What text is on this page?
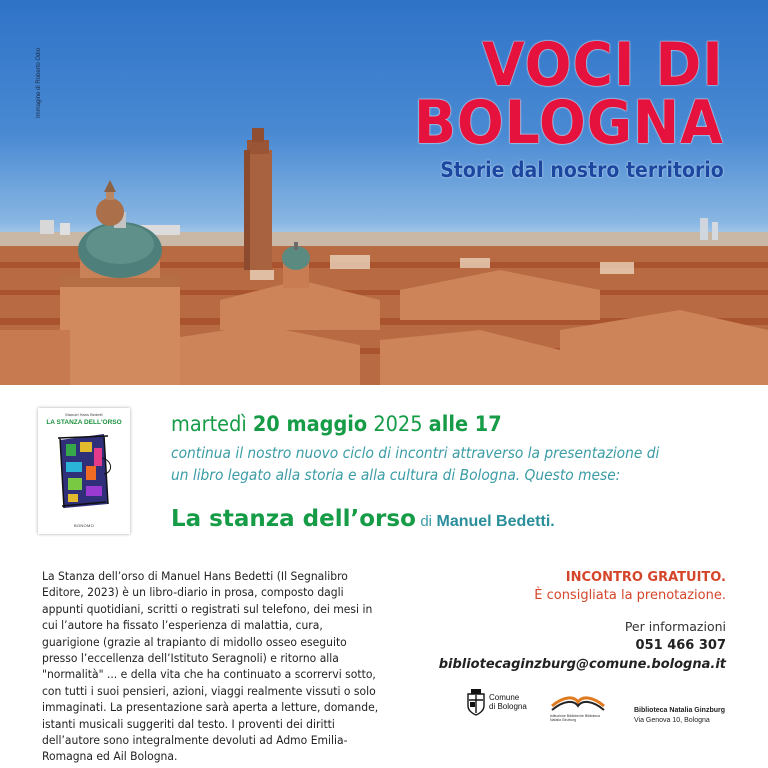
Immagine di Roberto Odio	VOCI DI
BOLOGNA
Storie dal nostro territorio
Manuel Hans Bedetti
LA STANZA DELL'ORSO
BONOMO
martedì 20 maggio 2025 alle 17
continua il nostro nuovo ciclo di incontri attraverso la presentazione di un libro legato alla storia e alla cultura di Bologna. Questo mese:
La stanza dell’orso di Manuel Bedetti.
La Stanza dell’orso di Manuel Hans Bedetti (Il Segnalibro Editore, 2023) è un libro-diario in prosa, composto dagli appunti quotidiani, scritti o registrati sul telefono, dei mesi in cui l’autore ha fissato l’esperienza di malattia, cura, guarigione (grazie al trapianto di midollo osseo eseguito presso l’eccellenza dell’Istituto Seragnoli) e ritorno alla "normalità" ... e della vita che ha continuato a scorrervi sotto, con tutti i suoi pensieri, azioni, viaggi realmente vissuti o solo immaginati. La presentazione sarà aperta a letture, domande, istanti musicali suggeriti dal testo. I proventi dei diritti dell’autore sono integralmente devoluti ad Admo Emilia-Romagna ed Ail Bologna.
INCONTRO GRATUITO.
È consigliata la prenotazione.
Per informazioni
051 466 307
bibliotecaginzburg@comune.bologna.it
Comune
di Bologna
Istituzione Biblioteche Biblioteca Natalia Ginzburg
Biblioteca Natalia Ginzburg
Via Genova 10, Bologna
